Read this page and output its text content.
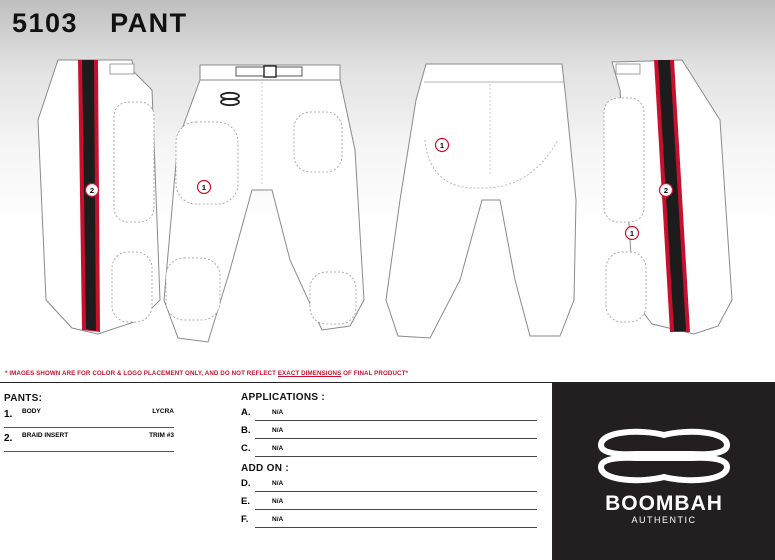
5103 PANT
2	1
1
2
1
* IMAGES SHOWN ARE FOR COLOR & LOGO PLACEMENT ONLY, AND DO NOT REFLECT EXACT DIMENSIONS OF FINAL PRODUCT*
PANTS:
1. BODY	LYCRA
2. BRAID INSERT	TRIM #3
APPLICATIONS :
A.	N/A
B.	N/A
C.	N/A
ADD ON :
D.	N/A
E.	N/A
F.	N/A
BOOMBAH
AUTHENTIC
